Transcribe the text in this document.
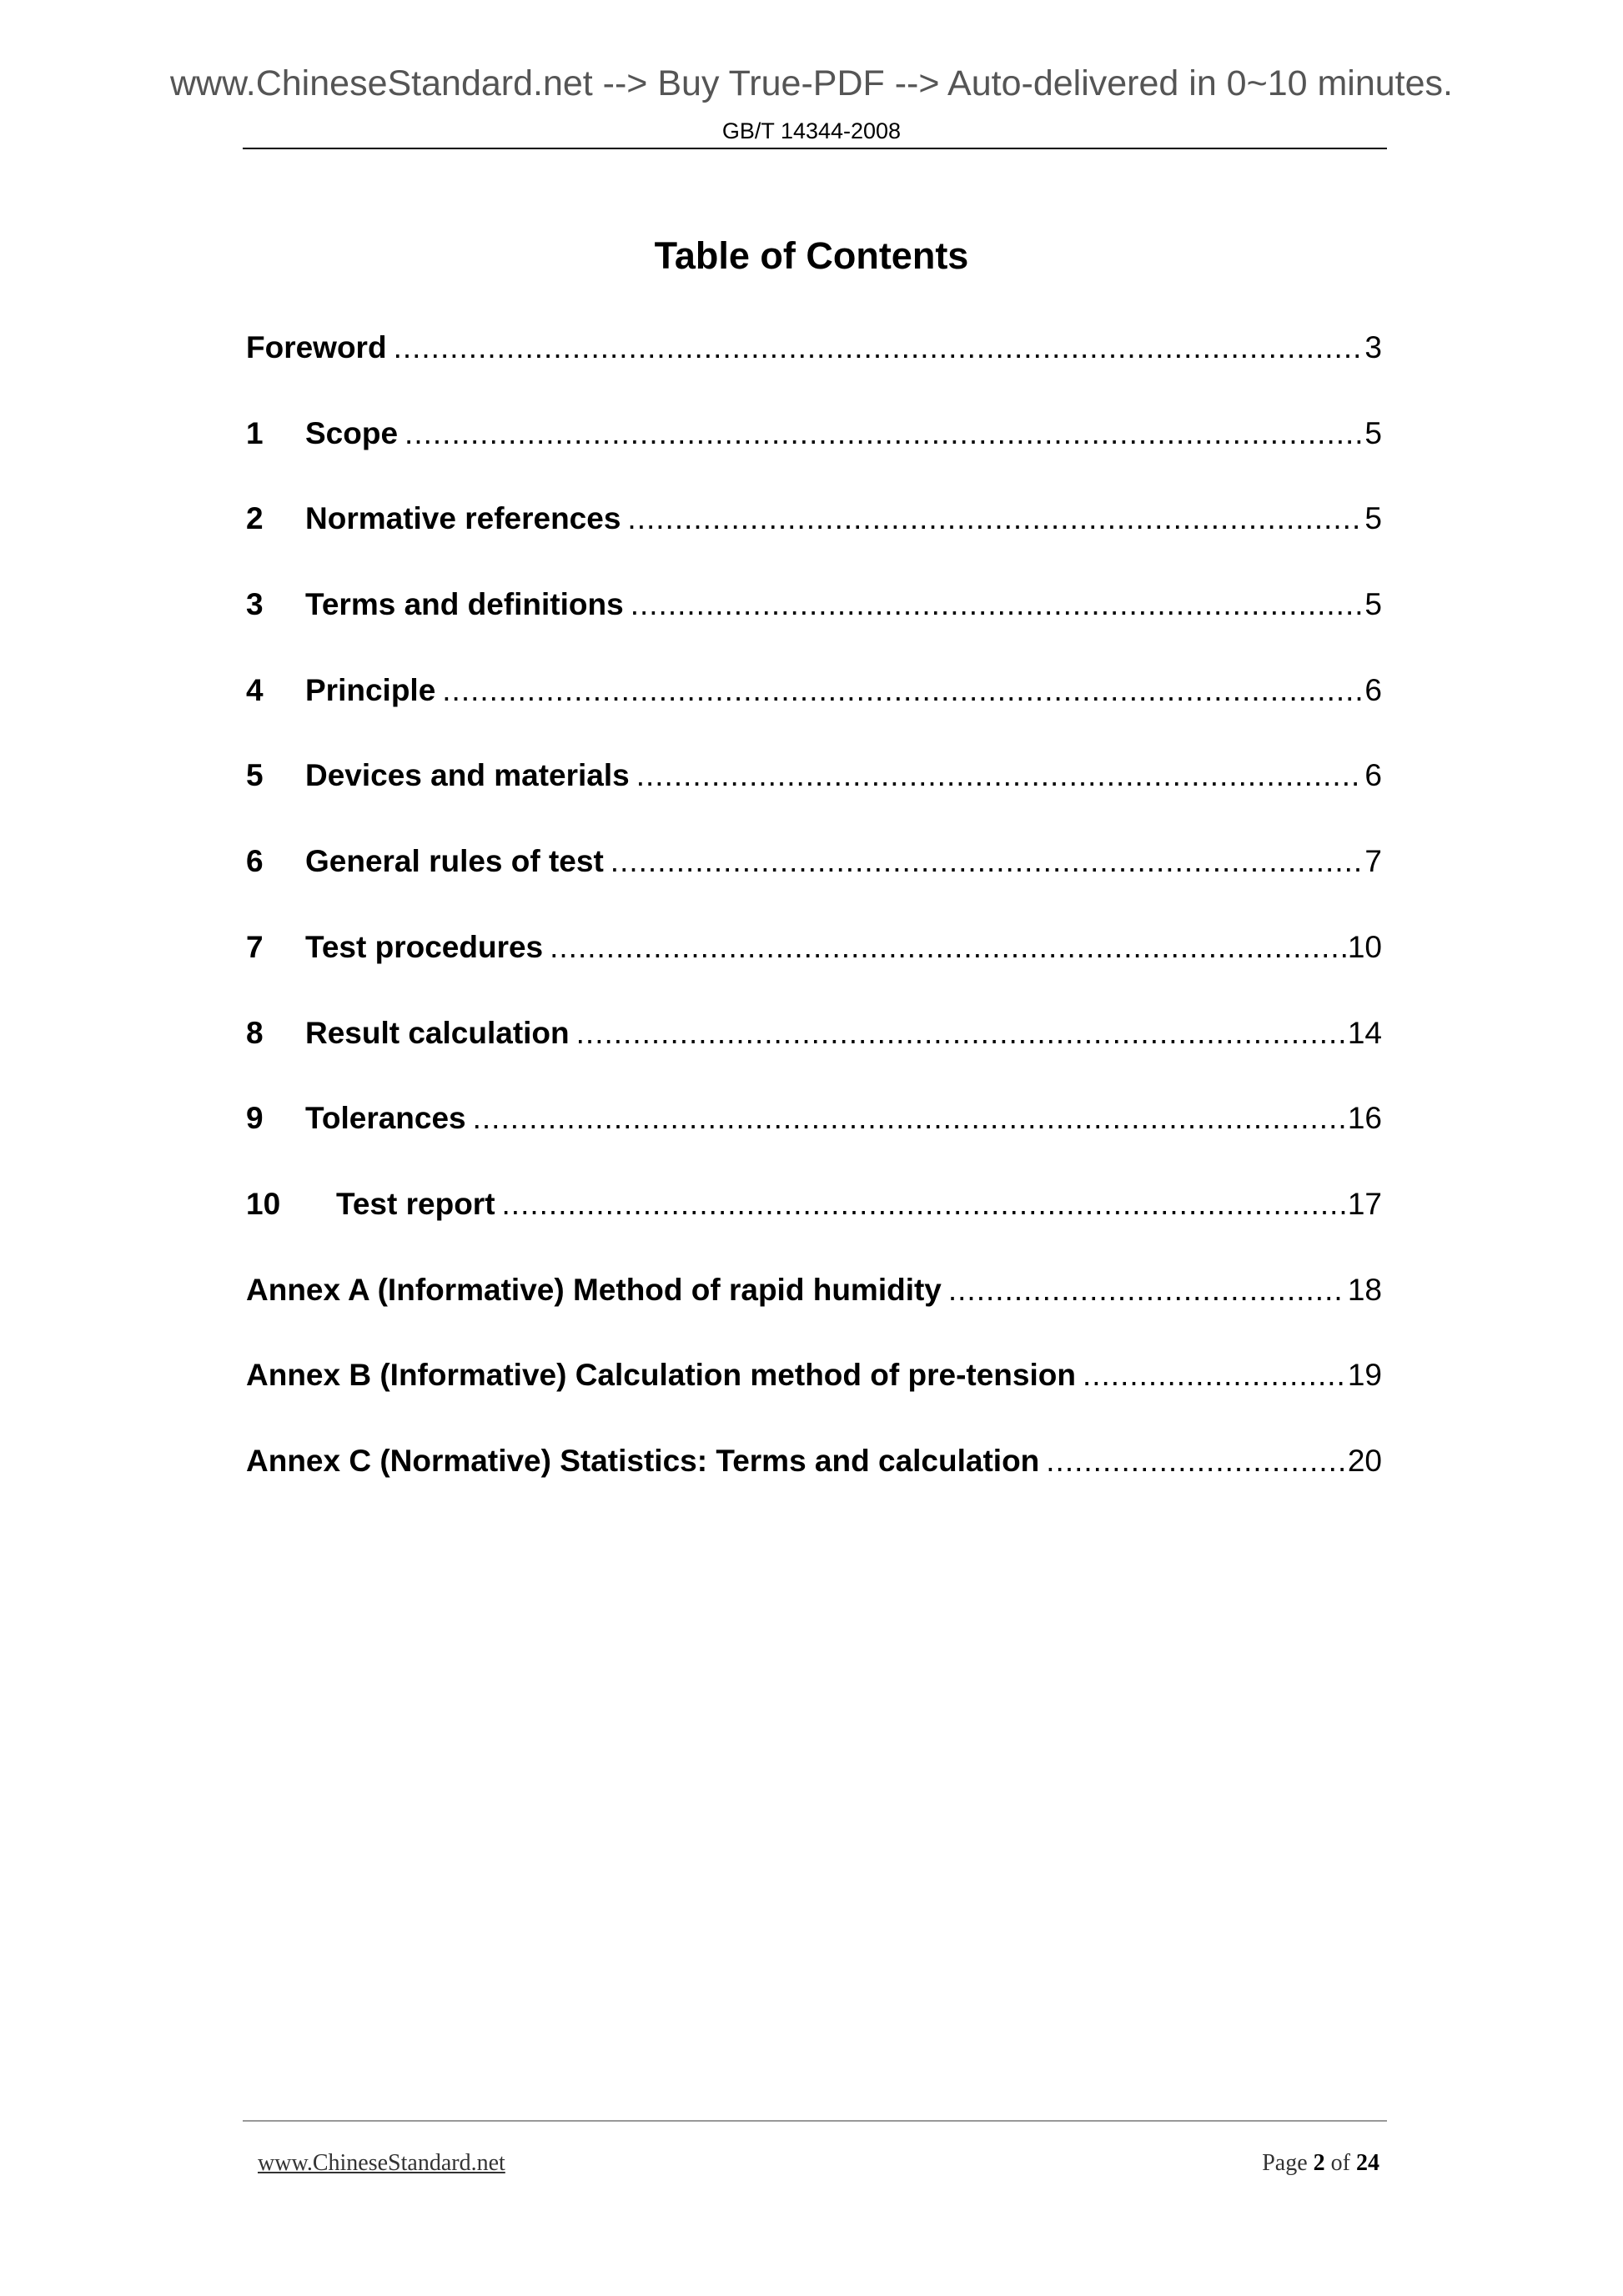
www.ChineseStandard.net --> Buy True-PDF --> Auto-delivered in 0~10 minutes.
GB/T 14344-2008
Table of Contents
Foreword .....	3
1	Scope .....	5
2	Normative references .....	5
3	Terms and definitions .....	5
4	Principle .....	6
5	Devices and materials .....	6
6	General rules of test .....	7
7	Test procedures .....	10
8	Result calculation .....	14
9	Tolerances .....	16
10	Test report .....	17
Annex A (Informative) Method of rapid humidity .....	18
Annex B (Informative) Calculation method of pre-tension .....	19
Annex C (Normative) Statistics: Terms and calculation .....	20
www.ChineseStandard.net	Page 2 of 24
